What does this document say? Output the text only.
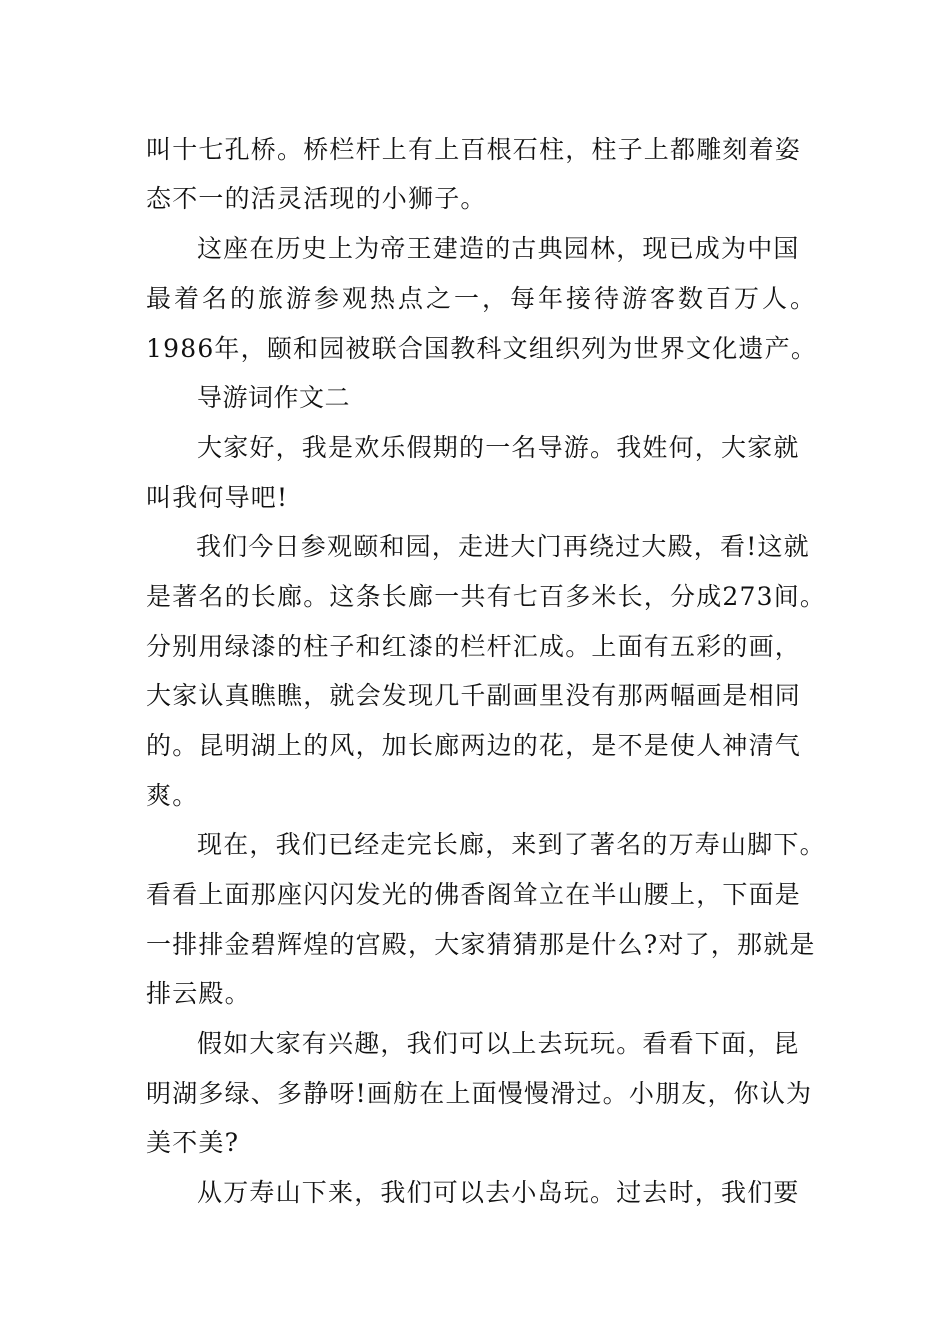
叫十七孔桥。桥栏杆上有上百根石柱，柱子上都雕刻着姿
态不一的活灵活现的小狮子。
这座在历史上为帝王建造的古典园林，现已成为中国
最着名的旅游参观热点之一，每年接待游客数百万人。
1986年，颐和园被联合国教科文组织列为世界文化遗产。
导游词作文二
大家好，我是欢乐假期的一名导游。我姓何，大家就
叫我何导吧!
我们今日参观颐和园，走进大门再绕过大殿，看!这就
是著名的长廊。这条长廊一共有七百多米长，分成273间。
分别用绿漆的柱子和红漆的栏杆汇成。上面有五彩的画，
大家认真瞧瞧，就会发现几千副画里没有那两幅画是相同
的。昆明湖上的风，加长廊两边的花，是不是使人神清气
爽。
现在，我们已经走完长廊，来到了著名的万寿山脚下。
看看上面那座闪闪发光的佛香阁耸立在半山腰上，下面是
一排排金碧辉煌的宫殿，大家猜猜那是什么?对了，那就是
排云殿。
假如大家有兴趣，我们可以上去玩玩。看看下面，昆
明湖多绿、多静呀!画舫在上面慢慢滑过。小朋友，你认为
美不美?
从万寿山下来，我们可以去小岛玩。过去时，我们要
